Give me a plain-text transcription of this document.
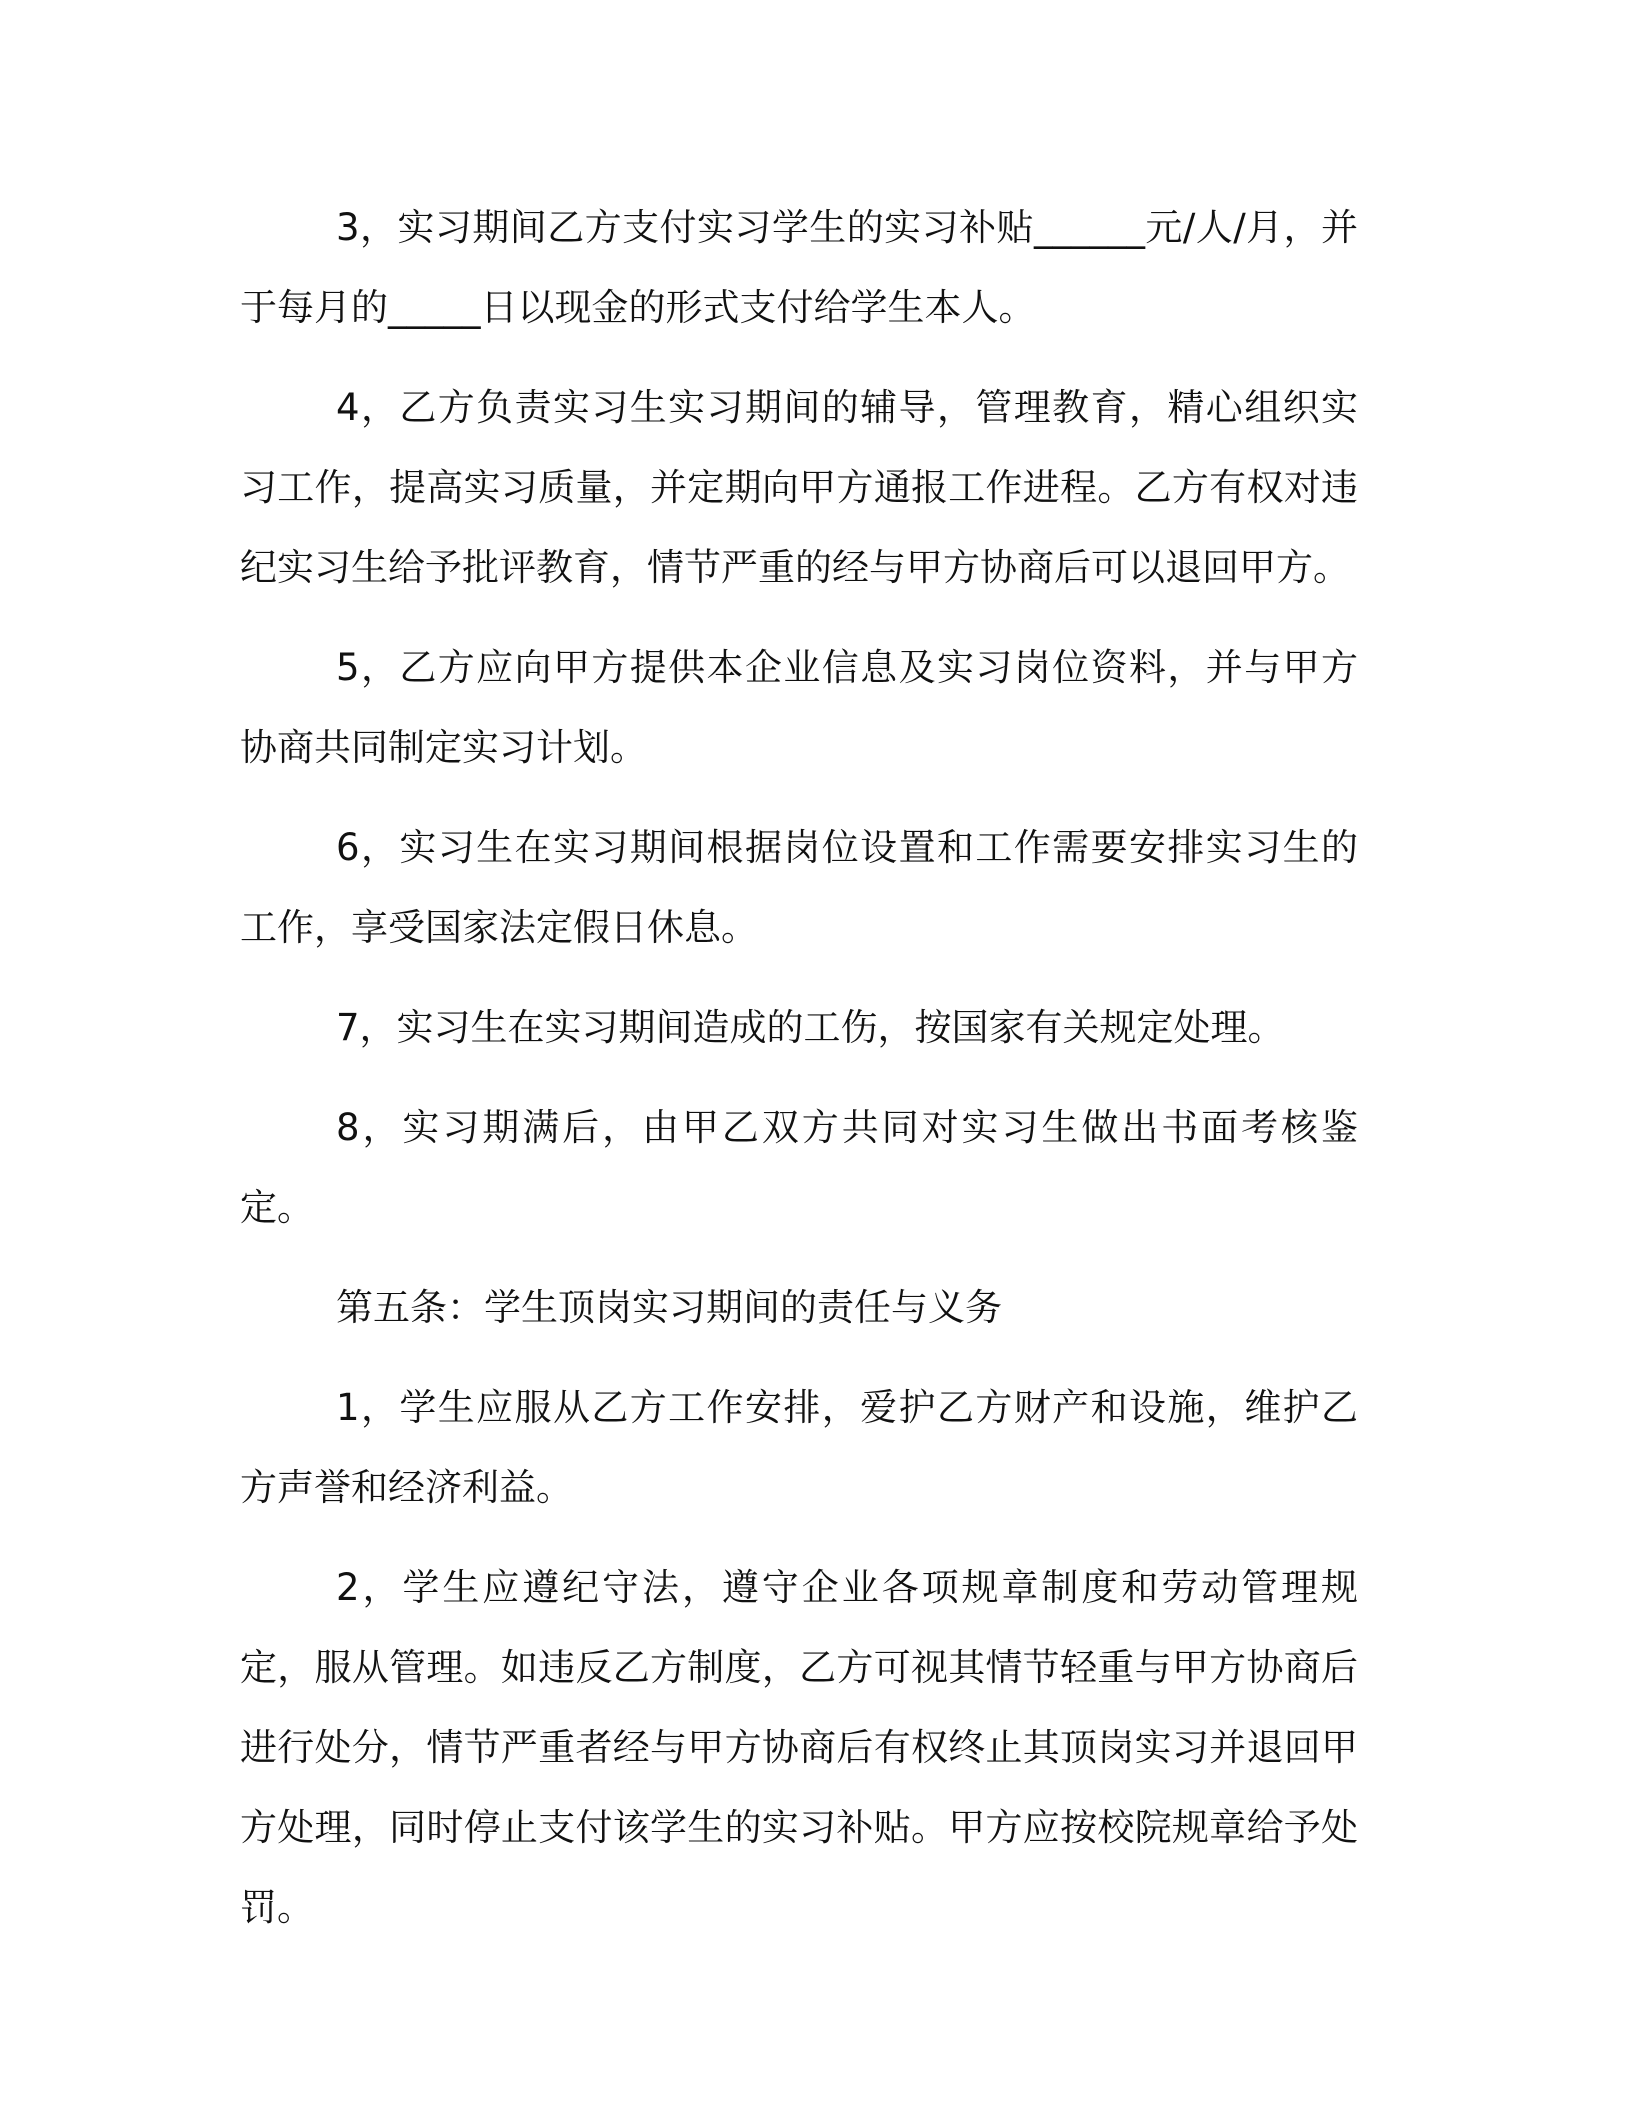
3，实习期间乙方支付实习学生的实习补贴______元/人/月，并于每月的_____日以现金的形式支付给学生本人。

4，乙方负责实习生实习期间的辅导，管理教育，精心组织实习工作，提高实习质量，并定期向甲方通报工作进程。乙方有权对违纪实习生给予批评教育，情节严重的经与甲方协商后可以退回甲方。

5，乙方应向甲方提供本企业信息及实习岗位资料，并与甲方协商共同制定实习计划。

6，实习生在实习期间根据岗位设置和工作需要安排实习生的工作，享受国家法定假日休息。

7，实习生在实习期间造成的工伤，按国家有关规定处理。

8，实习期满后，由甲乙双方共同对实习生做出书面考核鉴定。

第五条：学生顶岗实习期间的责任与义务

1，学生应服从乙方工作安排，爱护乙方财产和设施，维护乙方声誉和经济利益。

2，学生应遵纪守法，遵守企业各项规章制度和劳动管理规定，服从管理。如违反乙方制度，乙方可视其情节轻重与甲方协商后进行处分，情节严重者经与甲方协商后有权终止其顶岗实习并退回甲方处理，同时停止支付该学生的实习补贴。甲方应按校院规章给予处罚。
